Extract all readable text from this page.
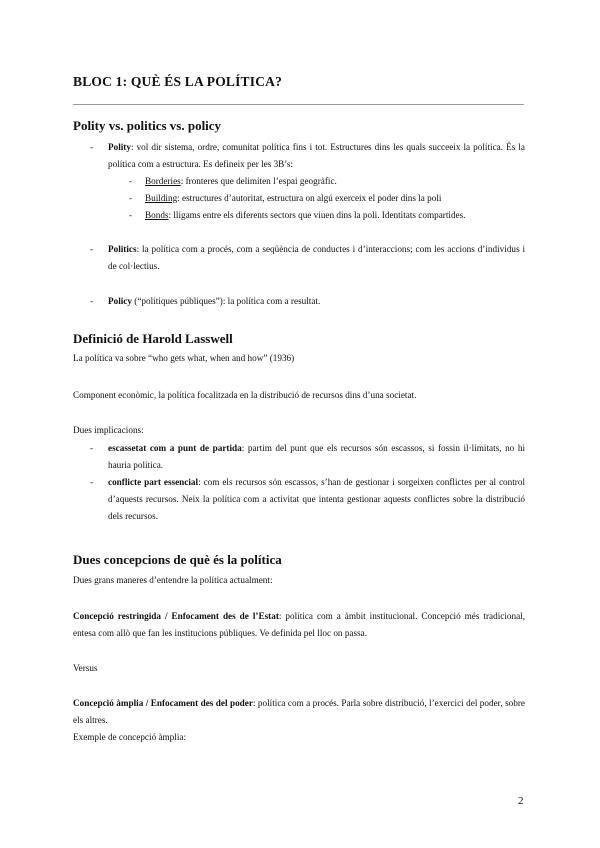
BLOC 1: QUÈ ÉS LA POLÍTICA?
Polity vs. politics vs. policy
- Polity: vol dir sistema, ordre, comunitat política fins i tot. Estructures dins les quals succeeix la política. És la política com a estructura. Es defineix per les 3B’s:
- Borderies: fronteres que delimiten l’espai geogràfic.
- Building: estructures d’autoritat, estructura on algú exerceix el poder dins la poli
- Bonds: lligams entre els diferents sectors que viuen dins la poli. Identitats compartides.
- Politics: la política com a procés, com a seqüència de conductes i d’interaccions; com les accions d’individus i de col·lectius.
- Policy (“polítiques públiques”): la política com a resultat.
Definició de Harold Lasswell
La política va sobre “who gets what, when and how” (1936)
Component econòmic, la política focalitzada en la distribució de recursos dins d’una societat.
Dues implicacions:
- escassetat com a punt de partida: partim del punt que els recursos són escassos, si fossin il·limitats, no hi hauria política.
- conflicte part essencial: com els recursos són escassos, s’han de gestionar i sorgeixen conflictes per al control d’aquests recursos. Neix la política com a activitat que intenta gestionar aquests conflictes sobre la distribució dels recursos.
Dues concepcions de què és la política
Dues grans maneres d’entendre la política actualment:
Concepció restringida / Enfocament des de l’Estat: política com a àmbit institucional. Concepció més tradicional, entesa com allò que fan les institucions públiques. Ve definida pel lloc on passa.
Versus
Concepció àmplia / Enfocament des del poder: política com a procés. Parla sobre distribució, l’exercici del poder, sobre els altres.
Exemple de concepció àmplia:
2
